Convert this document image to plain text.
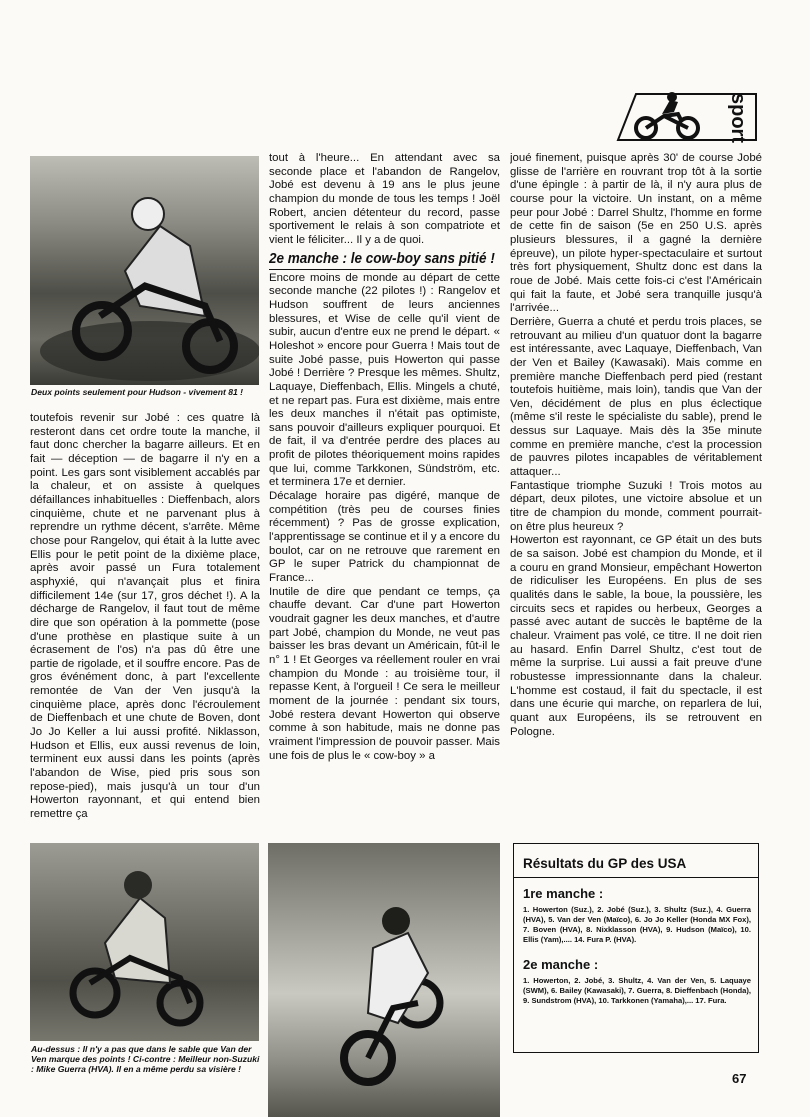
sport
Deux points seulement pour Hudson - vivement 81 !

toutefois revenir sur Jobé : ces quatre là resteront dans cet ordre toute la manche, il faut donc chercher la bagarre ailleurs. Et en fait — déception — de bagarre il n'y en a point. Les gars sont visiblement accablés par la chaleur, et on assiste à quelques défaillances inhabituelles : Dieffenbach, alors cinquième, chute et ne parvenant plus à reprendre un rythme décent, s'arrête. Même chose pour Rangelov, qui était à la lutte avec Ellis pour le petit point de la dixième place, après avoir passé un Fura totalement asphyxié, qui n'avançait plus et finira difficilement 14e (sur 17, gros déchet !). A la décharge de Rangelov, il faut tout de même dire que son opération à la pommette (pose d'une prothèse en plastique suite à un écrasement de l'os) n'a pas dû être une partie de rigolade, et il souffre encore. Pas de gros événément donc, à part l'excellente remontée de Van der Ven jusqu'à la cinquième place, après donc l'écroulement de Dieffenbach et une chute de Boven, dont Jo Jo Keller a lui aussi profité. Niklasson, Hudson et Ellis, eux aussi revenus de loin, terminent eux aussi dans les points (après l'abandon de Wise, pied pris sous son repose-pied), mais jusqu'à un tour d'un Howerton rayonnant, et qui entend bien remettre ça

tout à l'heure... En attendant avec sa seconde place et l'abandon de Rangelov, Jobé est devenu à 19 ans le plus jeune champion du monde de tous les temps ! Joël Robert, ancien détenteur du record, passe sportivement le relais à son compatriote et vient le féliciter... Il y a de quoi.

2e manche : le cow-boy sans pitié !

Encore moins de monde au départ de cette seconde manche (22 pilotes !) : Rangelov et Hudson souffrent de leurs anciennes blessures, et Wise de celle qu'il vient de subir, aucun d'entre eux ne prend le départ. « Holeshot » encore pour Guerra ! Mais tout de suite Jobé passe, puis Howerton qui passe Jobé ! Derrière ? Presque les mêmes. Shultz, Laquaye, Dieffenbach, Ellis. Mingels a chuté, et ne repart pas. Fura est dixième, mais entre les deux manches il n'était pas optimiste, sans pouvoir d'ailleurs expliquer pourquoi. Et de fait, il va d'entrée perdre des places au profit de pilotes théoriquement moins rapides que lui, comme Tarkkonen, Sündström, etc. et terminera 17e et dernier.

Décalage horaire pas digéré, manque de compétition (très peu de courses finies récemment) ? Pas de grosse explication, l'apprentissage se continue et il y a encore du boulot, car on ne retrouve que rarement en GP le super Patrick du championnat de France...

Inutile de dire que pendant ce temps, ça chauffe devant. Car d'une part Howerton voudrait gagner les deux manches, et d'autre part Jobé, champion du Monde, ne veut pas baisser les bras devant un Américain, fût-il le n° 1 ! Et Georges va réellement rouler en vrai champion du Monde : au troisième tour, il repasse Kent, à l'orgueil ! Ce sera le meilleur moment de la journée : pendant six tours, Jobé restera devant Howerton qui observe comme à son habitude, mais ne donne pas vraiment l'impression de pouvoir passer. Mais une fois de plus le « cow-boy » a

joué finement, puisque après 30' de course Jobé glisse de l'arrière en rouvrant trop tôt à la sortie d'une épingle : à partir de là, il n'y aura plus de course pour la victoire. Un instant, on a même peur pour Jobé : Darrel Shultz, l'homme en forme de cette fin de saison (5e en 250 U.S. après plusieurs blessures, il a gagné la dernière épreuve), un pilote hyper-spectaculaire et surtout très fort physiquement, Shultz donc est dans la roue de Jobé. Mais cette fois-ci c'est l'Américain qui fait la faute, et Jobé sera tranquille jusqu'à l'arrivée...

Derrière, Guerra a chuté et perdu trois places, se retrouvant au milieu d'un quatuor dont la bagarre est intéressante, avec Laquaye, Dieffenbach, Van der Ven et Bailey (Kawasaki). Mais comme en première manche Dieffenbach perd pied (restant toutefois huitième, mais loin), tandis que Van der Ven, décidément de plus en plus éclectique (même s'il reste le spécialiste du sable), prend le dessus sur Laquaye. Mais dès la 35e minute comme en première manche, c'est la procession de pauvres pilotes incapables de véritablement attaquer...

Fantastique triomphe Suzuki ! Trois motos au départ, deux pilotes, une victoire absolue et un titre de champion du monde, comment pourrait-on être plus heureux ?

Howerton est rayonnant, ce GP était un des buts de sa saison. Jobé est champion du Monde, et il a couru en grand Monsieur, empêchant Howerton de ridiculiser les Européens. En plus de ses qualités dans le sable, la boue, la poussière, les circuits secs et rapides ou herbeux, Georges a passé avec autant de succès le baptême de la chaleur. Vraiment pas volé, ce titre. Il ne doit rien au hasard. Enfin Darrel Shultz, c'est tout de même la surprise. Lui aussi a fait preuve d'une robustesse impressionnante dans la chaleur. L'homme est costaud, il fait du spectacle, il est dans une écurie qui marche, on reparlera de lui, quant aux Européens, ils se retrouvent en Pologne.

Au-dessus : Il n'y a pas que dans le sable que Van der Ven marque des points ! Ci-contre : Meilleur non-Suzuki : Mike Guerra (HVA). Il en a même perdu sa visière !
Résultats du GP des USA
1re manche :

1. Howerton (Suz.), 2. Jobé (Suz.), 3. Shultz (Suz.), 4. Guerra (HVA), 5. Van der Ven (Maïco), 6. Jo Jo Keller (Honda MX Fox), 7. Boven (HVA), 8. Nixklasson (HVA), 9. Hudson (Maïco), 10. Ellis (Yam),.... 14. Fura P. (HVA).

2e manche :

1. Howerton, 2. Jobé, 3. Shultz, 4. Van der Ven, 5. Laquaye (SWM), 6. Bailey (Kawasaki), 7. Guerra, 8. Dieffenbach (Honda), 9. Sundstrom (HVA), 10. Tarkkonen (Yamaha),... 17. Fura.

67
